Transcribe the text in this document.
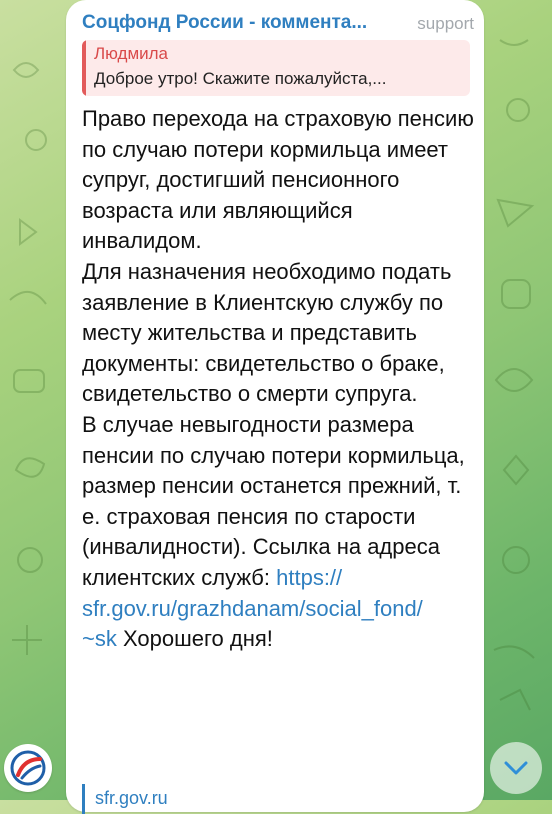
Соцфонд России - коммента...	support
Людмила
Доброе утро! Скажите пожалуйста,...

Право перехода на страховую пенсию по случаю потери кормильца имеет супруг, достигший пенсионного возраста или являющийся инвалидом.

Для назначения необходимо подать заявление в Клиентскую службу по месту жительства и представить документы: свидетельство о браке, свидетельство о смерти супруга.

В случае невыгодности размера пенсии по случаю потери кормильца, размер пенсии останется прежний, т. е. страховая пенсия по старости (инвалидности). Ссылка на адреса клиентских служб: https://
sfr.gov.ru/grazhdanam/social_fond/
~sk Хорошего дня!

sfr.gov.ru
